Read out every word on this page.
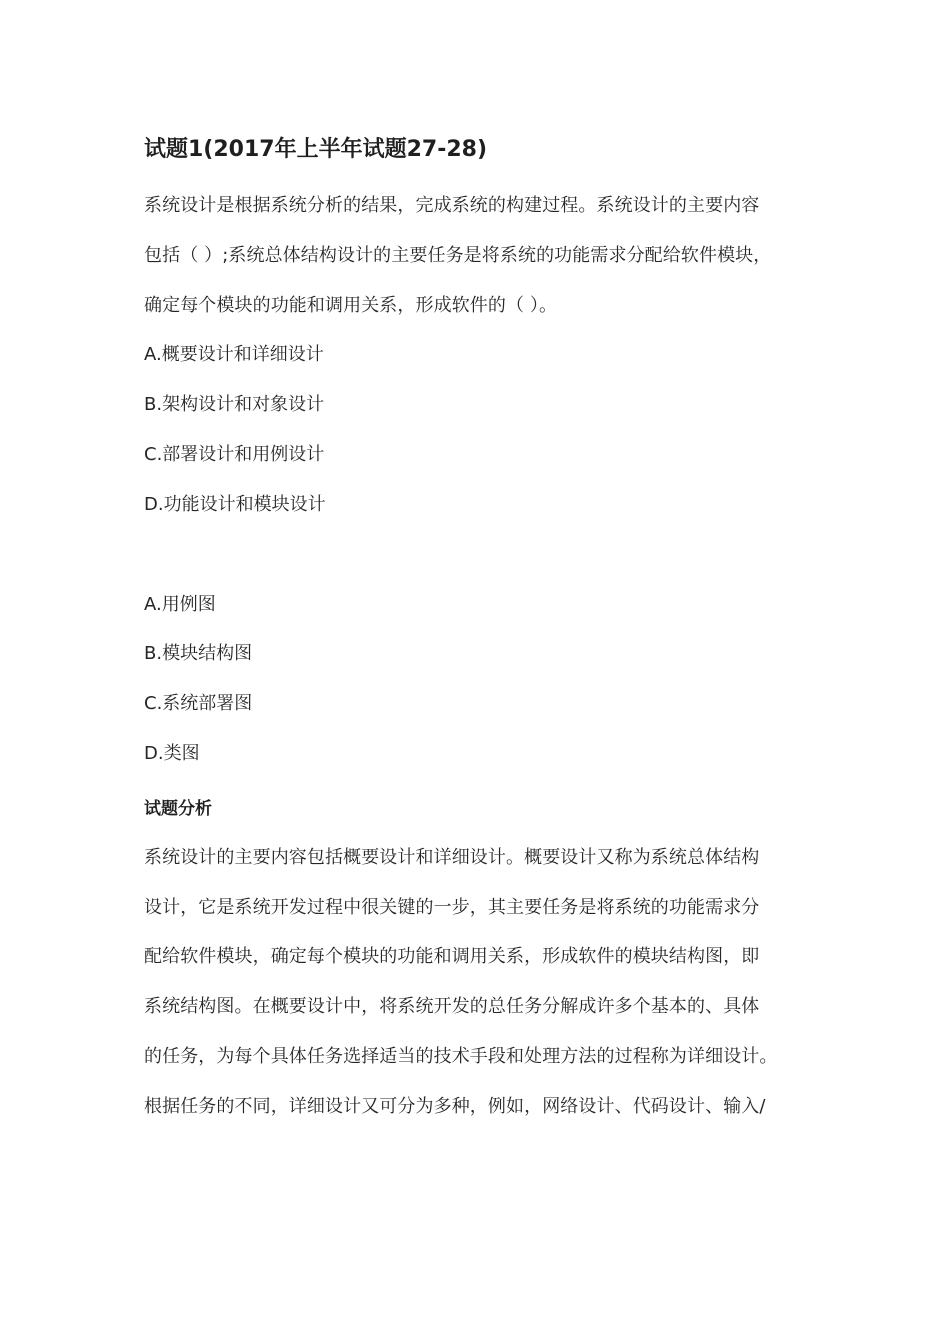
试题1(2017年上半年试题27-28)
系统设计是根据系统分析的结果，完成系统的构建过程。系统设计的主要内容
包括（ ）;系统总体结构设计的主要任务是将系统的功能需求分配给软件模块，
确定每个模块的功能和调用关系，形成软件的（ ）。
A.概要设计和详细设计
B.架构设计和对象设计
C.部署设计和用例设计
D.功能设计和模块设计
A.用例图
B.模块结构图
C.系统部署图
D.类图
试题分析
系统设计的主要内容包括概要设计和详细设计。概要设计又称为系统总体结构
设计，它是系统开发过程中很关键的一步，其主要任务是将系统的功能需求分
配给软件模块，确定每个模块的功能和调用关系，形成软件的模块结构图，即
系统结构图。在概要设计中，将系统开发的总任务分解成许多个基本的、具体
的任务，为每个具体任务选择适当的技术手段和处理方法的过程称为详细设计。
根据任务的不同，详细设计又可分为多种，例如，网络设计、代码设计、输入/
